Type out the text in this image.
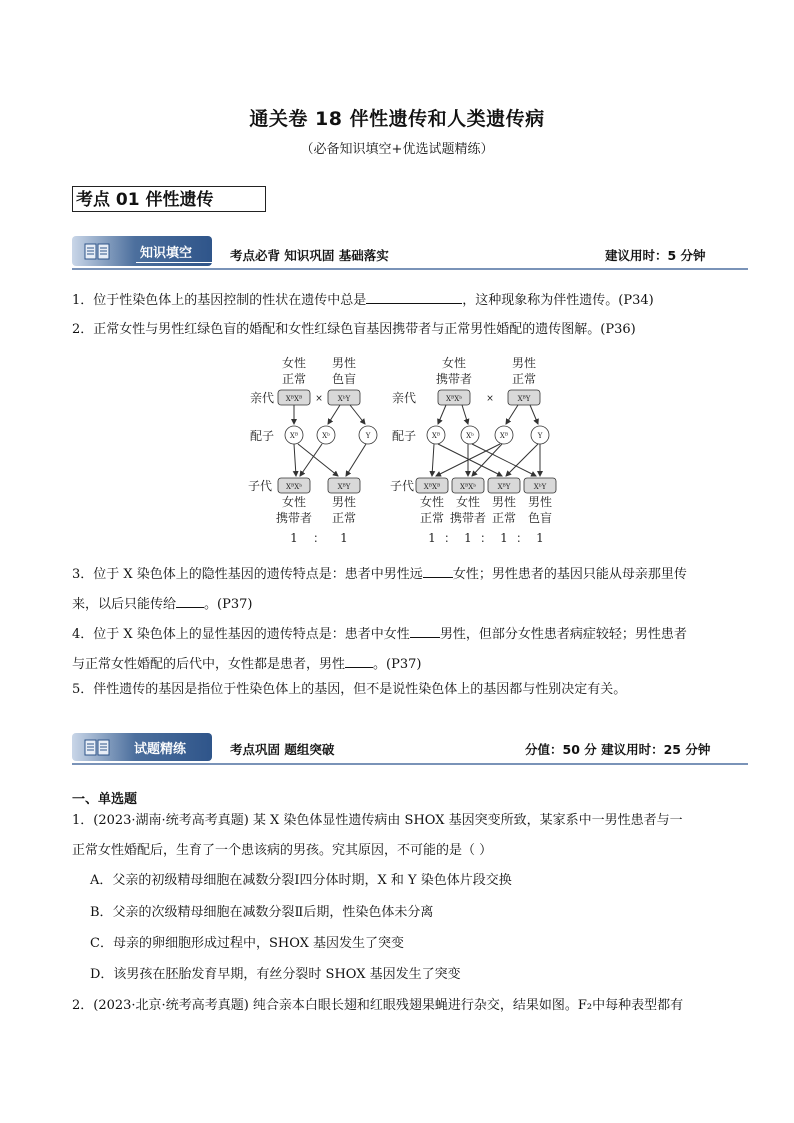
通关卷 18 伴性遗传和人类遗传病
（必备知识填空+优选试题精练）
考点 01 伴性遗传
知识填空	考点必背 知识巩固 基础落实	建议用时：5 分钟
1．位于性染色体上的基因控制的性状在遗传中总是	，这种现象称为伴性遗传。(P34)
2．正常女性与男性红绿色盲的婚配和女性红绿色盲基因携带者与正常男性婚配的遗传图解。(P36)
女性
正常
男性
色盲
亲代 XᴮXᴮ × XᵇY
配子 Xᴮ	Xᵇ	Y
子代 XᴮXᵇ	XᴮY
女性
携带者
男性
正常
1 ： 1
女性
携带者
男性
正常
亲代	XᴮXᵇ	×	XᴮY
配子 Xᴮ	Xᵇ	Xᴮ	Y
子代 XᴮXᴮ	XᴮXᵇ	XᴮY	XᵇY
女性
正常
女性
携带者
男性
正常
男性
色盲
1 ： 1 ： 1 ： 1
3．位于 X 染色体上的隐性基因的遗传特点是：患者中男性远 女性；男性患者的基因只能从母亲那里传
来，以后只能传给 。(P37)
4．位于 X 染色体上的显性基因的遗传特点是：患者中女性 男性，但部分女性患者病症较轻；男性患者
与正常女性婚配的后代中，女性都是患者，男性 。(P37)
5．伴性遗传的基因是指位于性染色体上的基因，但不是说性染色体上的基因都与性别决定有关。
试题精练	考点巩固 题组突破	分值：50 分 建议用时：25 分钟
一、单选题
1．(2023·湖南·统考高考真题) 某 X 染色体显性遗传病由 SHOX 基因突变所致，某家系中一男性患者与一
正常女性婚配后，生育了一个患该病的男孩。究其原因，不可能的是（ ）
A．父亲的初级精母细胞在减数分裂Ⅰ四分体时期，X 和 Y 染色体片段交换
B．父亲的次级精母细胞在减数分裂Ⅱ后期，性染色体未分离
C．母亲的卵细胞形成过程中，SHOX 基因发生了突变
D．该男孩在胚胎发育早期，有丝分裂时 SHOX 基因发生了突变
2．(2023·北京·统考高考真题) 纯合亲本白眼长翅和红眼残翅果蝇进行杂交，结果如图。F₂中每种表型都有
